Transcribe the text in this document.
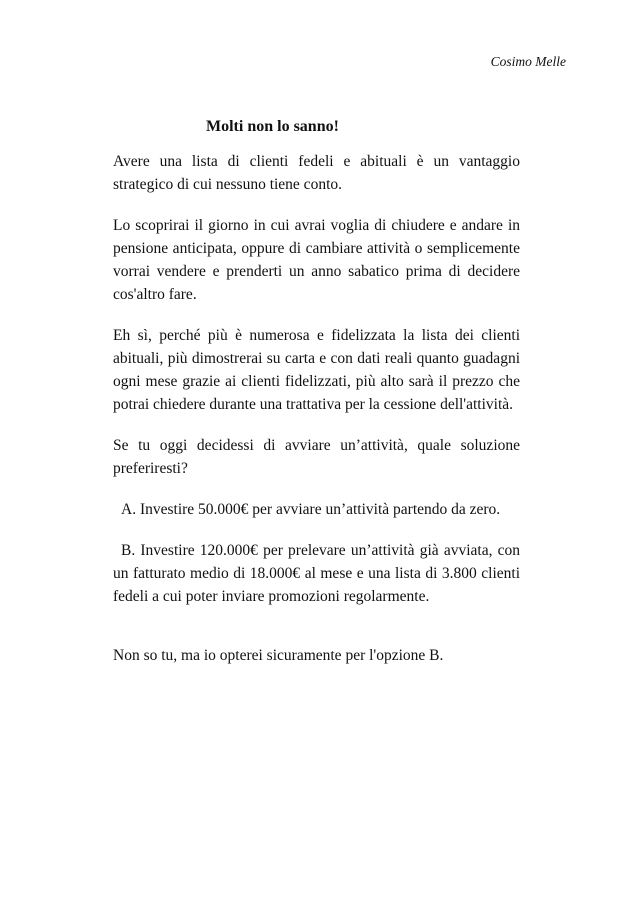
Cosimo Melle
Molti non lo sanno!

Avere una lista di clienti fedeli e abituali è un vantaggio strategico di cui nessuno tiene conto.

Lo scoprirai il giorno in cui avrai voglia di chiudere e andare in pensione anticipata, oppure di cambiare attività o semplicemente vorrai vendere e prenderti un anno sabatico prima di decidere cos'altro fare.

Eh sì, perché più è numerosa e fidelizzata la lista dei clienti abituali, più dimostrerai su carta e con dati reali quanto guadagni ogni mese grazie ai clienti fidelizzati, più alto sarà il prezzo che potrai chiedere durante una trattativa per la cessione dell'attività.

Se tu oggi decidessi di avviare un’attività, quale soluzione preferiresti?

A. Investire 50.000€ per avviare un’attività partendo da zero.

B. Investire 120.000€ per prelevare un’attività già avviata, con un fatturato medio di 18.000€ al mese e una lista di 3.800 clienti fedeli a cui poter inviare promozioni regolarmente.

Non so tu, ma io opterei sicuramente per l'opzione B.
